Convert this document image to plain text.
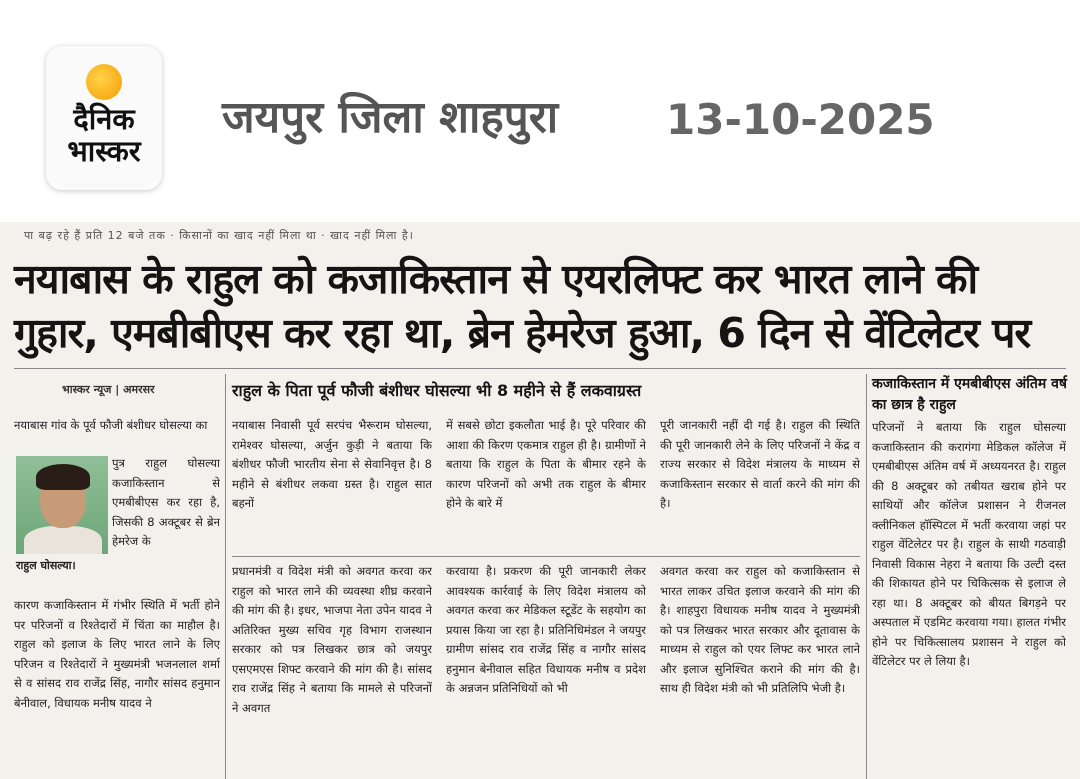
दैनिक
भास्कर
जयपुर जिला शाहपुरा	13-10-2025
पा बढ़ रहे हैं प्रति 12 बजे तक · किसानों का खाद नहीं मिला था · खाद नहीं मिला है।
नयाबास के राहुल को कजाकिस्तान से एयरलिफ्ट कर भारत लाने की
गुहार, एमबीबीएस कर रहा था, ब्रेन हेमरेज हुआ, 6 दिन से वेंटिलेटर पर
भास्कर न्यूज | अमरसर	राहुल के पिता पूर्व फौजी बंशीधर घोसल्या भी 8 महीने से हैं लकवाग्रस्त	कजाकिस्तान में एमबीबीएस अंतिम वर्ष का छात्र है राहुल
नयाबास गांव के पूर्व फौजी बंशीधर घोसल्या का
राहुल घोसल्या।
पुत्र राहुल घोसल्या कजाकिस्तान से एमबीबीएस कर रहा है, जिसकी 8 अक्टूबर से ब्रेन हेमरेज के
कारण कजाकिस्तान में गंभीर स्थिति में भर्ती होने पर परिजनों व रिश्तेदारों में चिंता का माहौल है। राहुल को इलाज के लिए भारत लाने के लिए परिजन व रिश्तेदारों ने मुख्यमंत्री भजनलाल शर्मा से व सांसद राव राजेंद्र सिंह, नागौर सांसद हनुमान बेनीवाल, विधायक मनीष यादव ने
नयाबास निवासी पूर्व सरपंच भैरूराम घोसल्या, रामेश्वर घोसल्या, अर्जुन कुड़ी ने बताया कि बंशीधर फौजी भारतीय सेना से सेवानिवृत्त है। 8 महीने से बंशीधर लकवा ग्रस्त है। राहुल सात बहनों
में सबसे छोटा इकलौता भाई है। पूरे परिवार की आशा की किरण एकमात्र राहुल ही है। ग्रामीणों ने बताया कि राहुल के पिता के बीमार रहने के कारण परिजनों को अभी तक राहुल के बीमार होने के बारे में
पूरी जानकारी नहीं दी गई है। राहुल की स्थिति की पूरी जानकारी लेने के लिए परिजनों ने केंद्र व राज्य सरकार से विदेश मंत्रालय के माध्यम से कजाकिस्तान सरकार से वार्ता करने की मांग की है।
प्रधानमंत्री व विदेश मंत्री को अवगत करवा कर राहुल को भारत लाने की व्यवस्था शीघ्र करवाने की मांग की है। इधर, भाजपा नेता उपेन यादव ने अतिरिक्त मुख्य सचिव गृह विभाग राजस्थान सरकार को पत्र लिखकर छात्र को जयपुर एसएमएस शिफ्ट करवाने की मांग की है। सांसद राव राजेंद्र सिंह ने बताया कि मामले से परिजनों ने अवगत
करवाया है। प्रकरण की पूरी जानकारी लेकर आवश्यक कार्रवाई के लिए विदेश मंत्रालय को अवगत करवा कर मेडिकल स्टूडेंट के सहयोग का प्रयास किया जा रहा है। प्रतिनिधिमंडल ने जयपुर ग्रामीण सांसद राव राजेंद्र सिंह व नागौर सांसद हनुमान बेनीवाल सहित विधायक मनीष व प्रदेश के अन्नजन प्रतिनिधियों को भी
अवगत करवा कर राहुल को कजाकिस्तान से भारत लाकर उचित इलाज करवाने की मांग की है। शाहपुरा विधायक मनीष यादव ने मुख्यमंत्री को पत्र लिखकर भारत सरकार और दूतावास के माध्यम से राहुल को एयर लिफ्ट कर भारत लाने और इलाज सुनिश्चित कराने की मांग की है। साथ ही विदेश मंत्री को भी प्रतिलिपि भेजी है।
परिजनों ने बताया कि राहुल घोसल्या कजाकिस्तान की करागंगा मेडिकल कॉलेज में एमबीबीएस अंतिम वर्ष में अध्ययनरत है। राहुल की 8 अक्टूबर को तबीयत खराब होने पर साथियों और कॉलेज प्रशासन ने रीजनल क्लीनिकल हॉस्पिटल में भर्ती करवाया जहां पर राहुल वेंटिलेटर पर है। राहुल के साथी गठवाड़ी निवासी विकास नेहरा ने बताया कि उल्टी दस्त की शिकायत होने पर चिकित्सक से इलाज ले रहा था। 8 अक्टूबर को बीयत बिगड़ने पर अस्पताल में एडमिट करवाया गया। हालत गंभीर होने पर चिकित्सालय प्रशासन ने राहुल को वेंटिलेटर पर ले लिया है।
